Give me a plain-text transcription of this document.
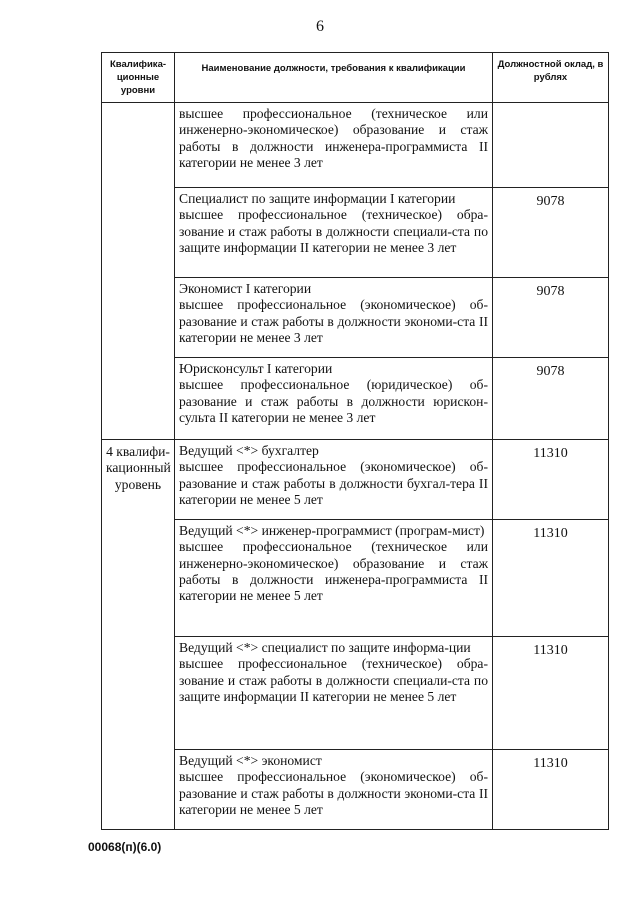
6
Квалифика-ционные уровни	Наименование должности, требования к квалификации	Должностной оклад, в рублях

	высшее профессиональное (техническое или инженерно-экономическое) образование и стаж работы в должности инженера-программиста II категории не менее 3 лет	

	Специалист по защите информации I категории
высшее профессиональное (техническое) обра-зование и стаж работы в должности специали-ста по защите информации II категории не менее 3 лет	9078

	Экономист I категории
высшее профессиональное (экономическое) об-разование и стаж работы в должности экономи-ста II категории не менее 3 лет	9078

	Юрисконсульт I категории
высшее профессиональное (юридическое) об-разование и стаж работы в должности юрискон-сульта II категории не менее 3 лет	9078
4 квалифи-кационный уровень	Ведущий <*> бухгалтер
высшее профессиональное (экономическое) об-разование и стаж работы в должности бухгал-тера II категории не менее 5 лет	11310

	Ведущий <*> инженер-программист (програм-мист)
высшее профессиональное (техническое или инженерно-экономическое) образование и стаж работы в должности инженера-программиста II категории не менее 5 лет	11310

	Ведущий <*> специалист по защите информа-ции
высшее профессиональное (техническое) обра-зование и стаж работы в должности специали-ста по защите информации II категории не менее 5 лет	11310

	Ведущий <*> экономист
высшее профессиональное (экономическое) об-разование и стаж работы в должности экономи-ста II категории не менее 5 лет	11310
00068(п)(6.0)
